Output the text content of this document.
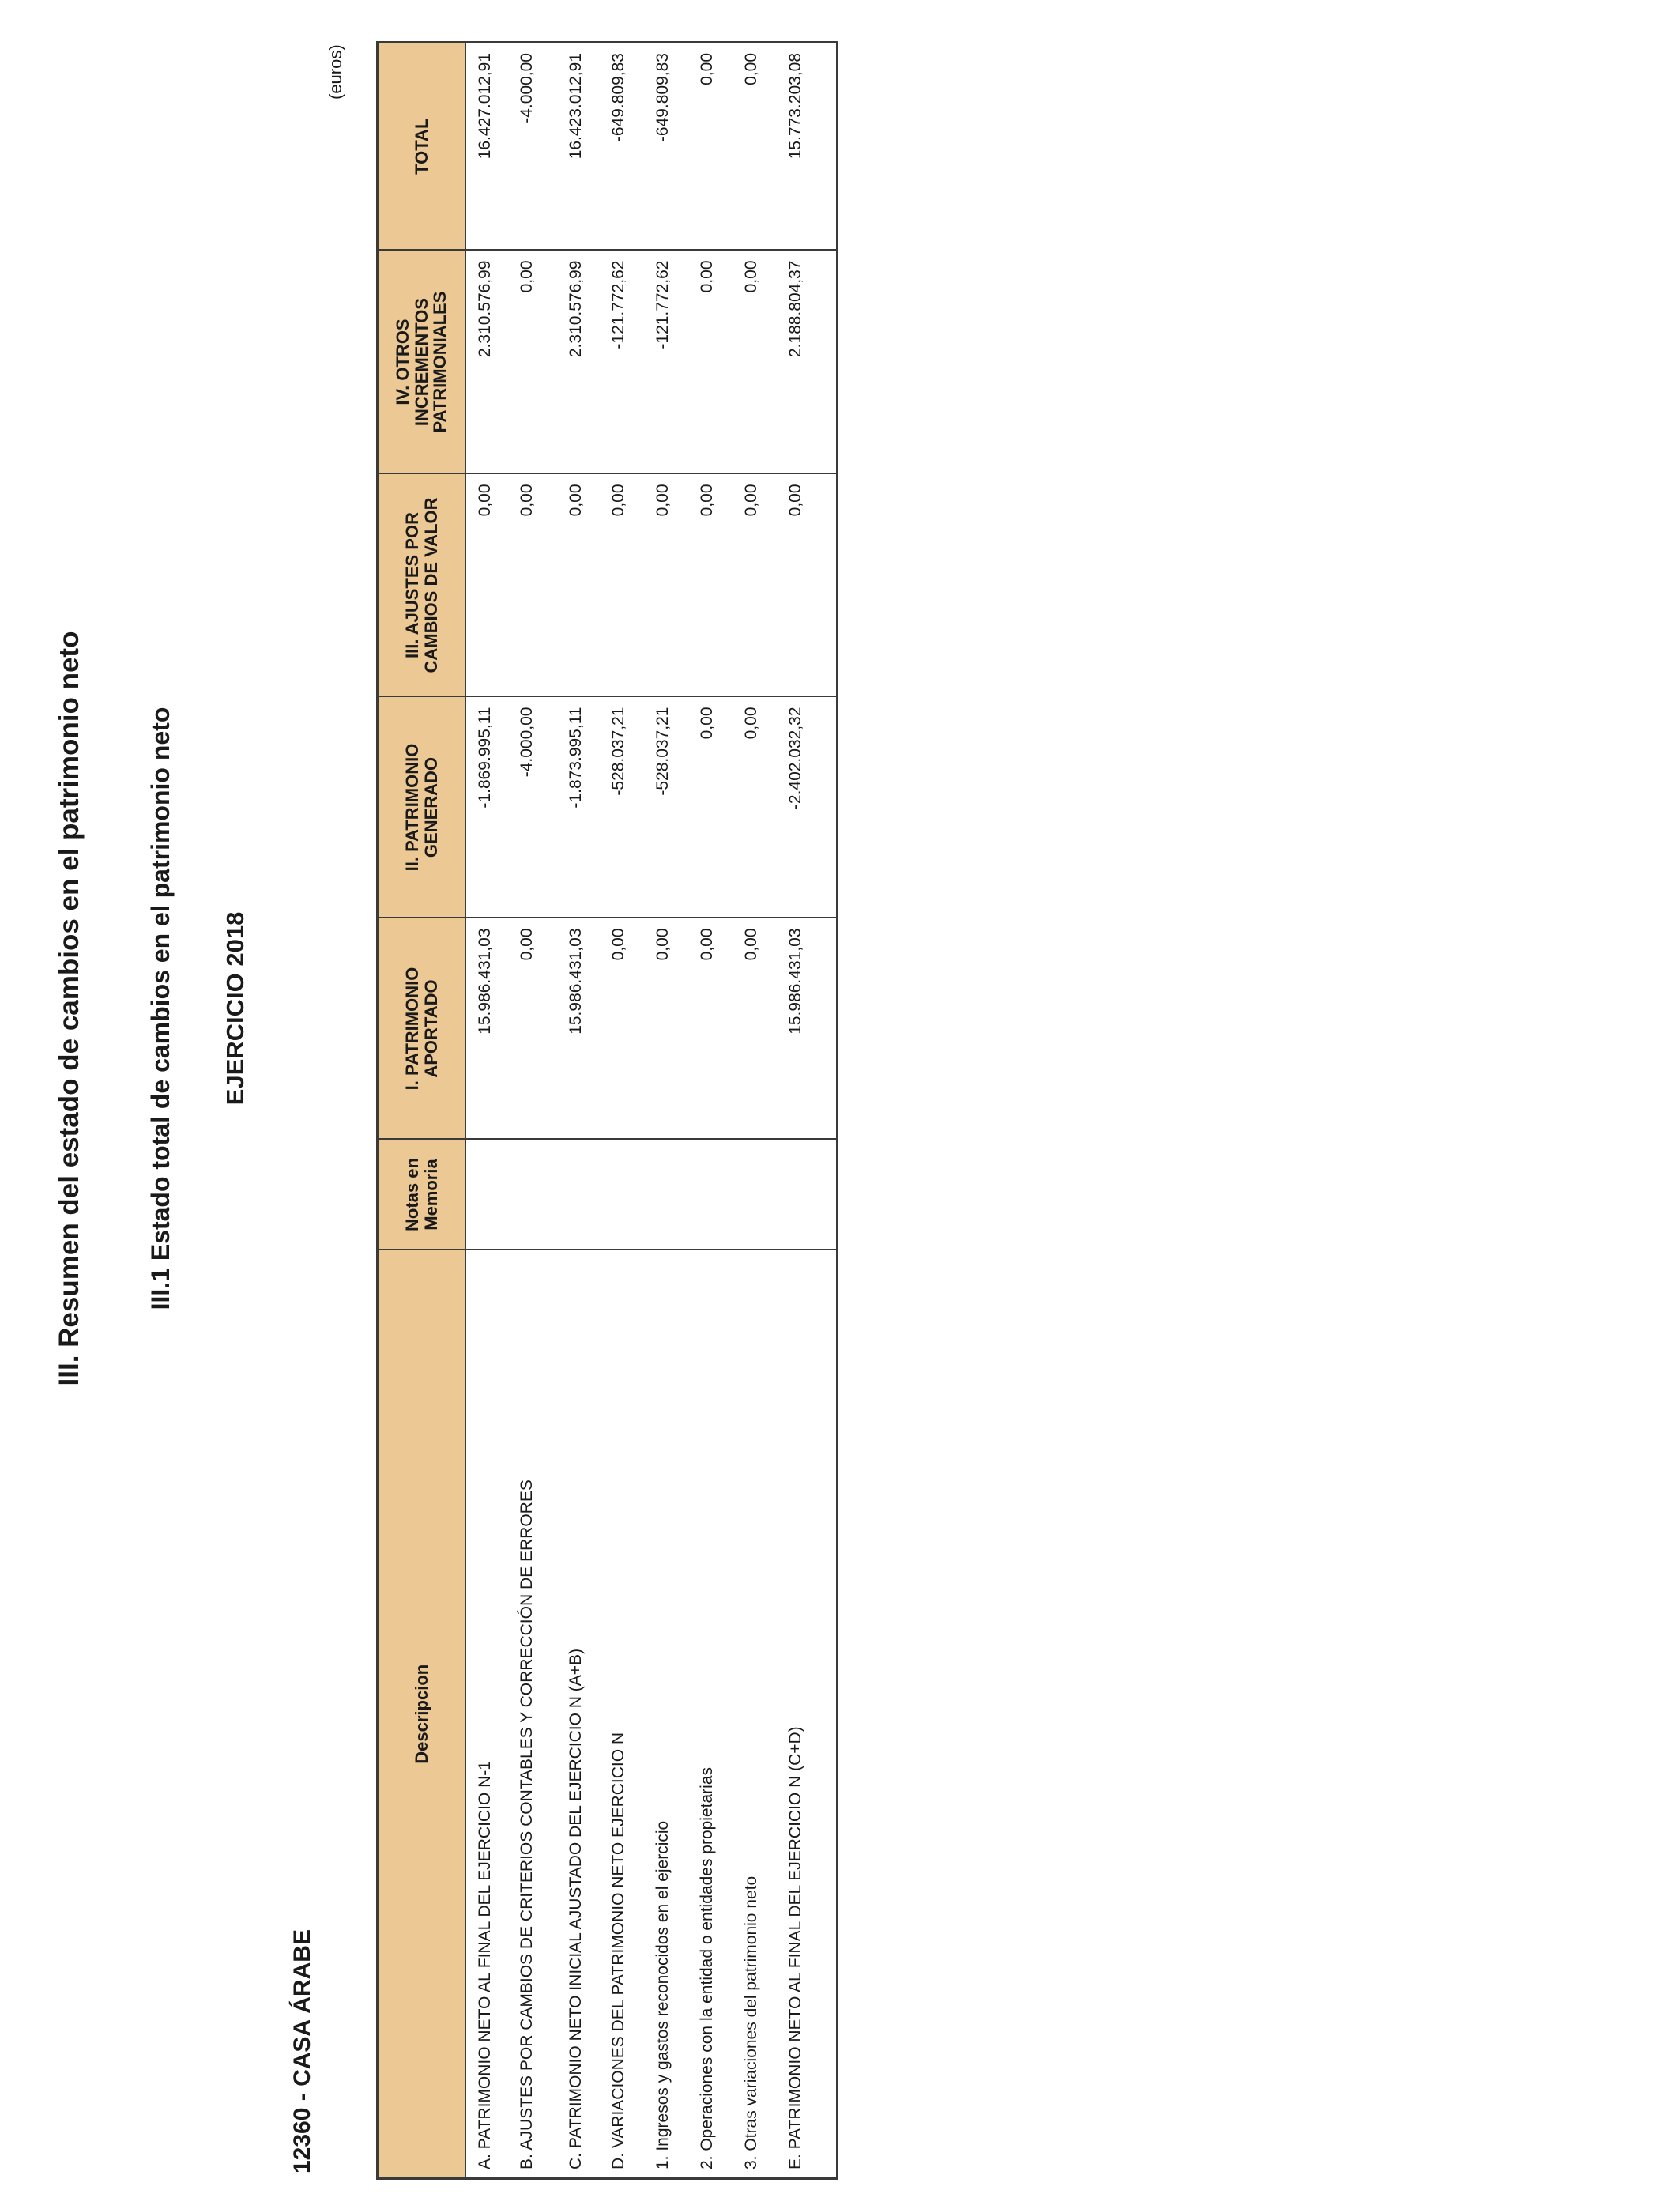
III. Resumen del estado de cambios en el patrimonio neto III.1 Estado total de cambios en el patrimonio neto EJERCICIO 2018
12360 - CASA ÁRABE
(euros)
Descripcion	Notas en Memoria	I. PATRIMONIO APORTADO	II. PATRIMONIO GENERADO	III. AJUSTES POR CAMBIOS DE VALOR	IV. OTROS INCREMENTOS PATRIMONIALES	TOTAL
A. PATRIMONIO NETO AL FINAL DEL EJERCICIO N-1		15.986.431,03	-1.869.995,11	0,00	2.310.576,99	16.427.012,91
B. AJUSTES POR CAMBIOS DE CRITERIOS CONTABLES Y CORRECCIÓN DE ERRORES		0,00	-4.000,00	0,00	0,00	-4.000,00
C. PATRIMONIO NETO INICIAL AJUSTADO DEL EJERCICIO N (A+B)		15.986.431,03	-1.873.995,11	0,00	2.310.576,99	16.423.012,91
D. VARIACIONES DEL PATRIMONIO NETO EJERCICIO N		0,00	-528.037,21	0,00	-121.772,62	-649.809,83
1. Ingresos y gastos reconocidos en el ejercicio		0,00	-528.037,21	0,00	-121.772,62	-649.809,83
2. Operaciones con la entidad o entidades propietarias		0,00	0,00	0,00	0,00	0,00
3. Otras variaciones del patrimonio neto		0,00	0,00	0,00	0,00	0,00
E. PATRIMONIO NETO AL FINAL DEL EJERCICIO N (C+D)		15.986.431,03	-2.402.032,32	0,00	2.188.804,37	15.773.203,08
